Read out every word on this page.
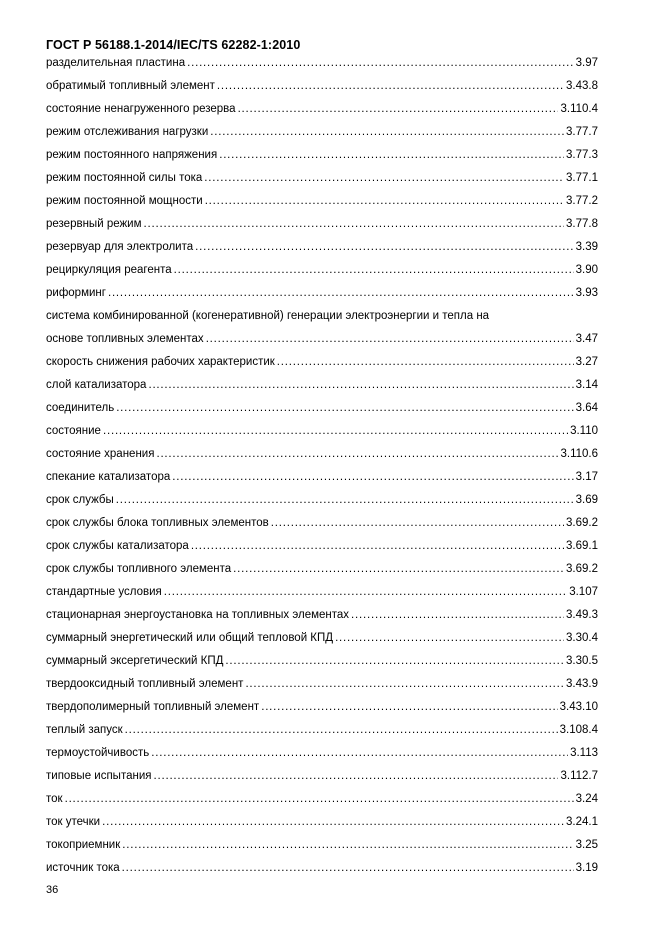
ГОСТ Р 56188.1-2014/IEC/TS 62282-1:2010
разделительная пластина . . .	3.97
обратимый топливный элемент . . .	3.43.8
состояние ненагруженного резерва . . .	3.110.4
режим отслеживания нагрузки . . .	3.77.7
режим постоянного напряжения . . .	3.77.3
режим постоянной силы тока . . .	3.77.1
режим постоянной мощности . . .	3.77.2
резервный режим . . .	3.77.8
резервуар для электролита . . .	3.39
рециркуляция реагента . . .	3.90
риформинг . . .	3.93
система комбинированной (когенеративной) генерации электроэнергии и тепла на
основе топливных элементах . . .	3.47
скорость снижения рабочих характеристик . . .	3.27
слой катализатора . . .	3.14
соединитель . . .	3.64
состояние . . .	3.110
состояние хранения . . .	3.110.6
спекание катализатора . . .	3.17
срок службы . . .	3.69
срок службы блока топливных элементов . . .	3.69.2
срок службы катализатора . . .	3.69.1
срок службы топливного элемента . . .	3.69.2
стандартные условия . . .	3.107
стационарная энергоустановка на топливных элементах . . .	3.49.3
суммарный энергетический или общий тепловой КПД . . .	3.30.4
суммарный эксергетический КПД . . .	3.30.5
твердооксидный топливный элемент . . .	3.43.9
твердополимерный топливный элемент . . .	3.43.10
теплый запуск . . .	3.108.4
термоустойчивость . . .	3.113
типовые испытания . . .	3.112.7
ток . . .	3.24
ток утечки . . .	3.24.1
токоприемник . . .	3.25
источник тока . . .	3.19
36
